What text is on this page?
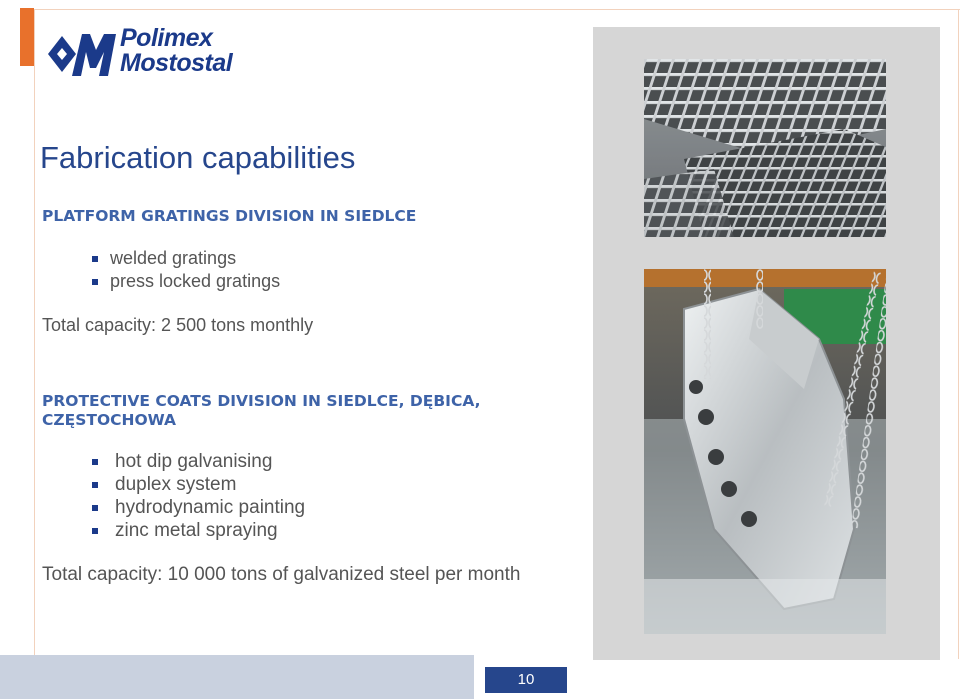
Polimex
Mostostal
Fabrication capabilities
PLATFORM GRATINGS DIVISION IN SIEDLCE
welded gratings
press locked gratings
Total capacity: 2 500 tons monthly
PROTECTIVE COATS DIVISION IN SIEDLCE, DĘBICA, CZĘSTOCHOWA
hot dip galvanising
duplex system
hydrodynamic painting
zinc metal spraying
Total capacity: 10 000 tons of galvanized steel per month
10
